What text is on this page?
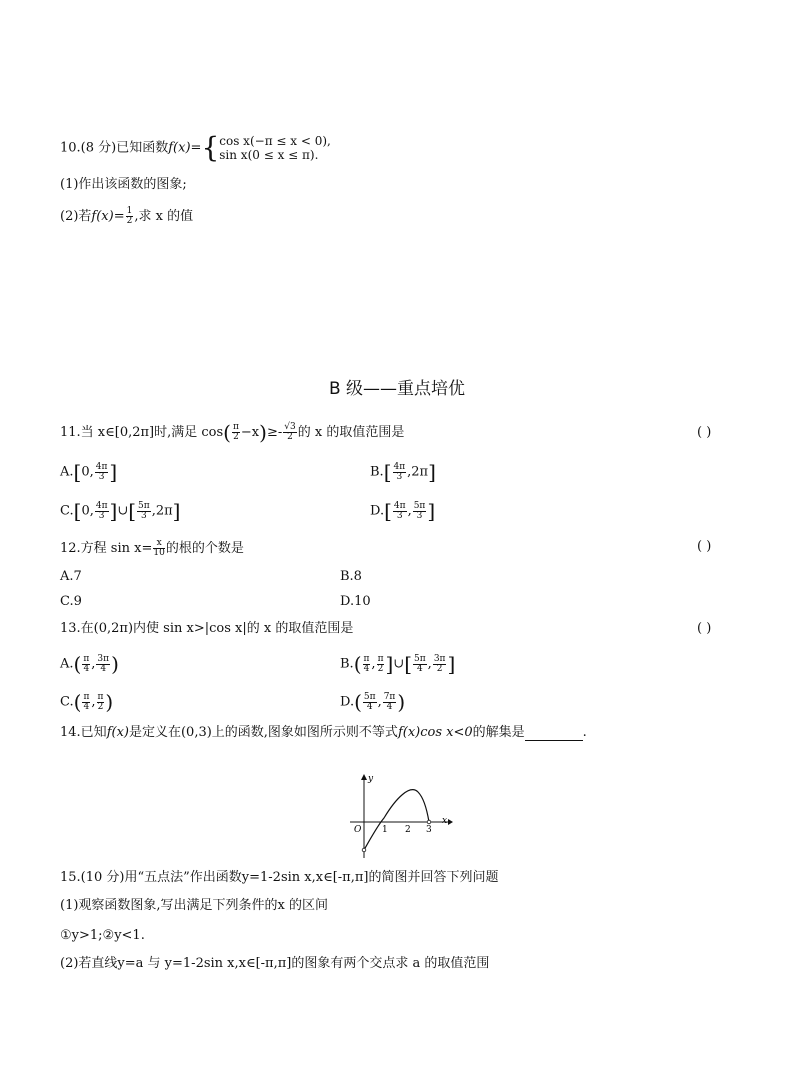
10.(8 分)已知函数f(x)={ cos x(−π ≤ x < 0),
sin x(0 ≤ x ≤ π).
(1)作出该函数的图象;
(2)若$f(x)= \frac{1}{2}$ ,求 x 的值
B 级——重点培优
11.当 x∈[0,2π]时,满足 $\cos( \frac{\pi}{2} -x)\ge- \frac{√3}{2}$ 的 x 的取值范围是	( )
A.[0, $\frac{4\pi}{3}$ ]	$B.[ \frac{4\pi}{3} ,2\pi]$
C.[0, $\frac{4\pi}{3}$ ]∪[ $\frac{5\pi}{3} ,2\pi$]	$D.[ \frac{4\pi}{3}$ , $\frac{5\pi}{3}$ ]
12.方程 $\sin x= \frac{x}{10}$ 的根的个数是	( )
A.7	B.8
C.9	D.10
13.在(0,2π)内使 sin x>|cos x|的 x 的取值范围是	( )
$A.( \frac{\pi}{4}$ , $\frac{3\pi}{4}$ )	$B.( \frac{\pi}{4}$ , $\frac{\pi}{2}$ ]∪[ $\frac{5\pi}{4}$ , $\frac{3\pi}{2}$ ]
$C.( \frac{\pi}{4}$ , $\frac{\pi}{2}$ )	$D.( \frac{5\pi}{4}$ , $\frac{7\pi}{4}$ )
14.已知f(x)是定义在(0,3)上的函数,图象如图所示则不等式f(x)cos x<0的解集是	.
y
x
O 1 2 3
15.(10 分)用“五点法”作出函数y=1-2sin x,x∈[-π,π]的简图并回答下列问题
(1)观察函数图象,写出满足下列条件的x 的区间
①y>1;②y<1.
(2)若直线y=a 与 y=1-2sin x,x∈[-π,π]的图象有两个交点求 a 的取值范围
